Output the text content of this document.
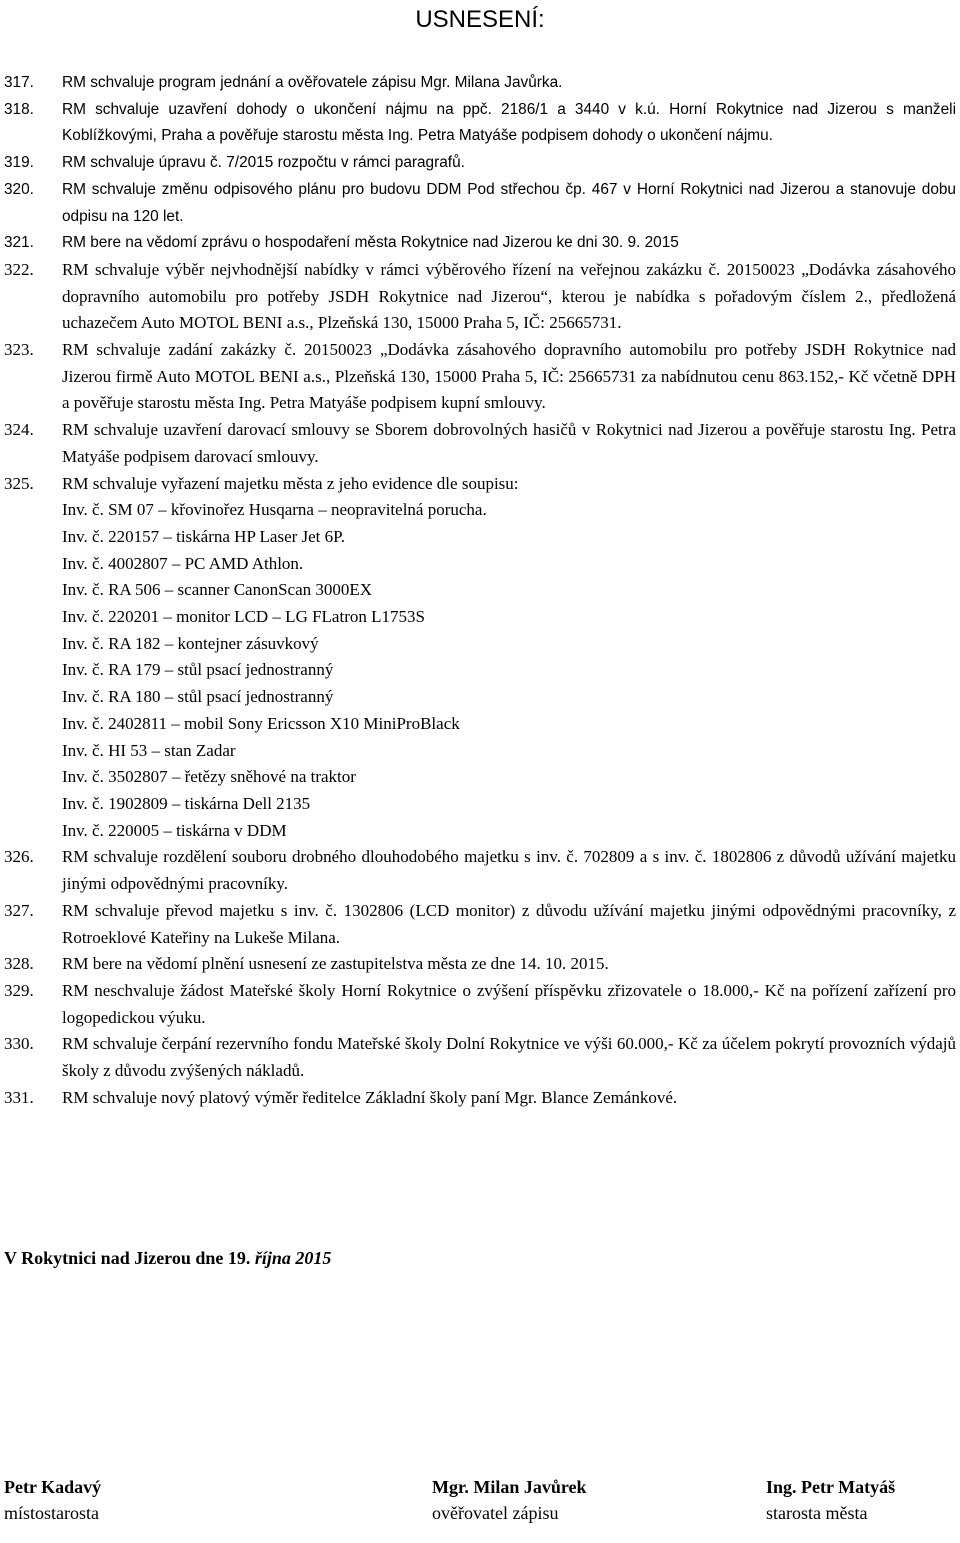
USNESENÍ:
317. RM schvaluje program jednání a ověřovatele zápisu Mgr. Milana Javůrka.
318. RM schvaluje uzavření dohody o ukončení nájmu na ppč. 2186/1 a 3440 v k.ú. Horní Rokytnice nad Jizerou s manželi Koblížkovými, Praha a pověřuje starostu města Ing. Petra Matyáše podpisem dohody o ukončení nájmu.
319. RM schvaluje úpravu č. 7/2015 rozpočtu v rámci paragrafů.
320. RM schvaluje změnu odpisového plánu pro budovu DDM Pod střechou čp. 467 v Horní Rokytnici nad Jizerou a stanovuje dobu odpisu na 120 let.
321. RM bere na vědomí zprávu o hospodaření města Rokytnice nad Jizerou ke dni 30. 9. 2015
322. RM schvaluje výběr nejvhodnější nabídky v rámci výběrového řízení na veřejnou zakázku č. 20150023 „Dodávka zásahového dopravního automobilu pro potřeby JSDH Rokytnice nad Jizerou“, kterou je nabídka s pořadovým číslem 2., předložená uchazečem Auto MOTOL BENI a.s., Plzeňská 130, 15000 Praha 5, IČ: 25665731.
323. RM schvaluje zadání zakázky č. 20150023 „Dodávka zásahového dopravního automobilu pro potřeby JSDH Rokytnice nad Jizerou firmě Auto MOTOL BENI a.s., Plzeňská 130, 15000 Praha 5, IČ: 25665731 za nabídnutou cenu 863.152,- Kč včetně DPH a pověřuje starostu města Ing. Petra Matyáše podpisem kupní smlouvy.
324. RM schvaluje uzavření darovací smlouvy se Sborem dobrovolných hasičů v Rokytnici nad Jizerou a pověřuje starostu Ing. Petra Matyáše podpisem darovací smlouvy.
325. RM schvaluje vyřazení majetku města z jeho evidence dle soupisu:
Inv. č. SM 07 – křovinořez Husqarna – neopravitelná porucha.
Inv. č. 220157 – tiskárna HP Laser Jet 6P.
Inv. č. 4002807 – PC AMD Athlon.
Inv. č. RA 506 – scanner CanonScan 3000EX
Inv. č. 220201 – monitor LCD – LG FLatron L1753S
Inv. č. RA 182 – kontejner zásuvkový
Inv. č. RA 179 – stůl psací jednostranný
Inv. č. RA 180 – stůl psací jednostranný
Inv. č. 2402811 – mobil Sony Ericsson X10 MiniProBlack
Inv. č. HI 53 – stan Zadar
Inv. č. 3502807 – řetězy sněhové na traktor
Inv. č. 1902809 – tiskárna Dell 2135
Inv. č. 220005 – tiskárna v DDM
326. RM schvaluje rozdělení souboru drobného dlouhodobého majetku s inv. č. 702809 a s inv. č. 1802806 z důvodů užívání majetku jinými odpovědnými pracovníky.
327. RM schvaluje převod majetku s inv. č. 1302806 (LCD monitor) z důvodu užívání majetku jinými odpovědnými pracovníky, z Rotroeklové Kateřiny na Lukeše Milana.
328. RM bere na vědomí plnění usnesení ze zastupitelstva města ze dne 14. 10. 2015.
329. RM neschvaluje žádost Mateřské školy Horní Rokytnice o zvýšení příspěvku zřizovatele o 18.000,- Kč na pořízení zařízení pro logopedickou výuku.
330. RM schvaluje čerpání rezervního fondu Mateřské školy Dolní Rokytnice ve výši 60.000,- Kč za účelem pokrytí provozních výdajů školy z důvodu zvýšených nákladů.
331. RM schvaluje nový platový výměr ředitelce Základní školy paní Mgr. Blance Zemánkové.
V Rokytnici nad Jizerou dne 19. října 2015
Petr Kadavý
místostarosta
Mgr. Milan Javůrek
ověřovatel zápisu
Ing. Petr Matyáš
starosta města
